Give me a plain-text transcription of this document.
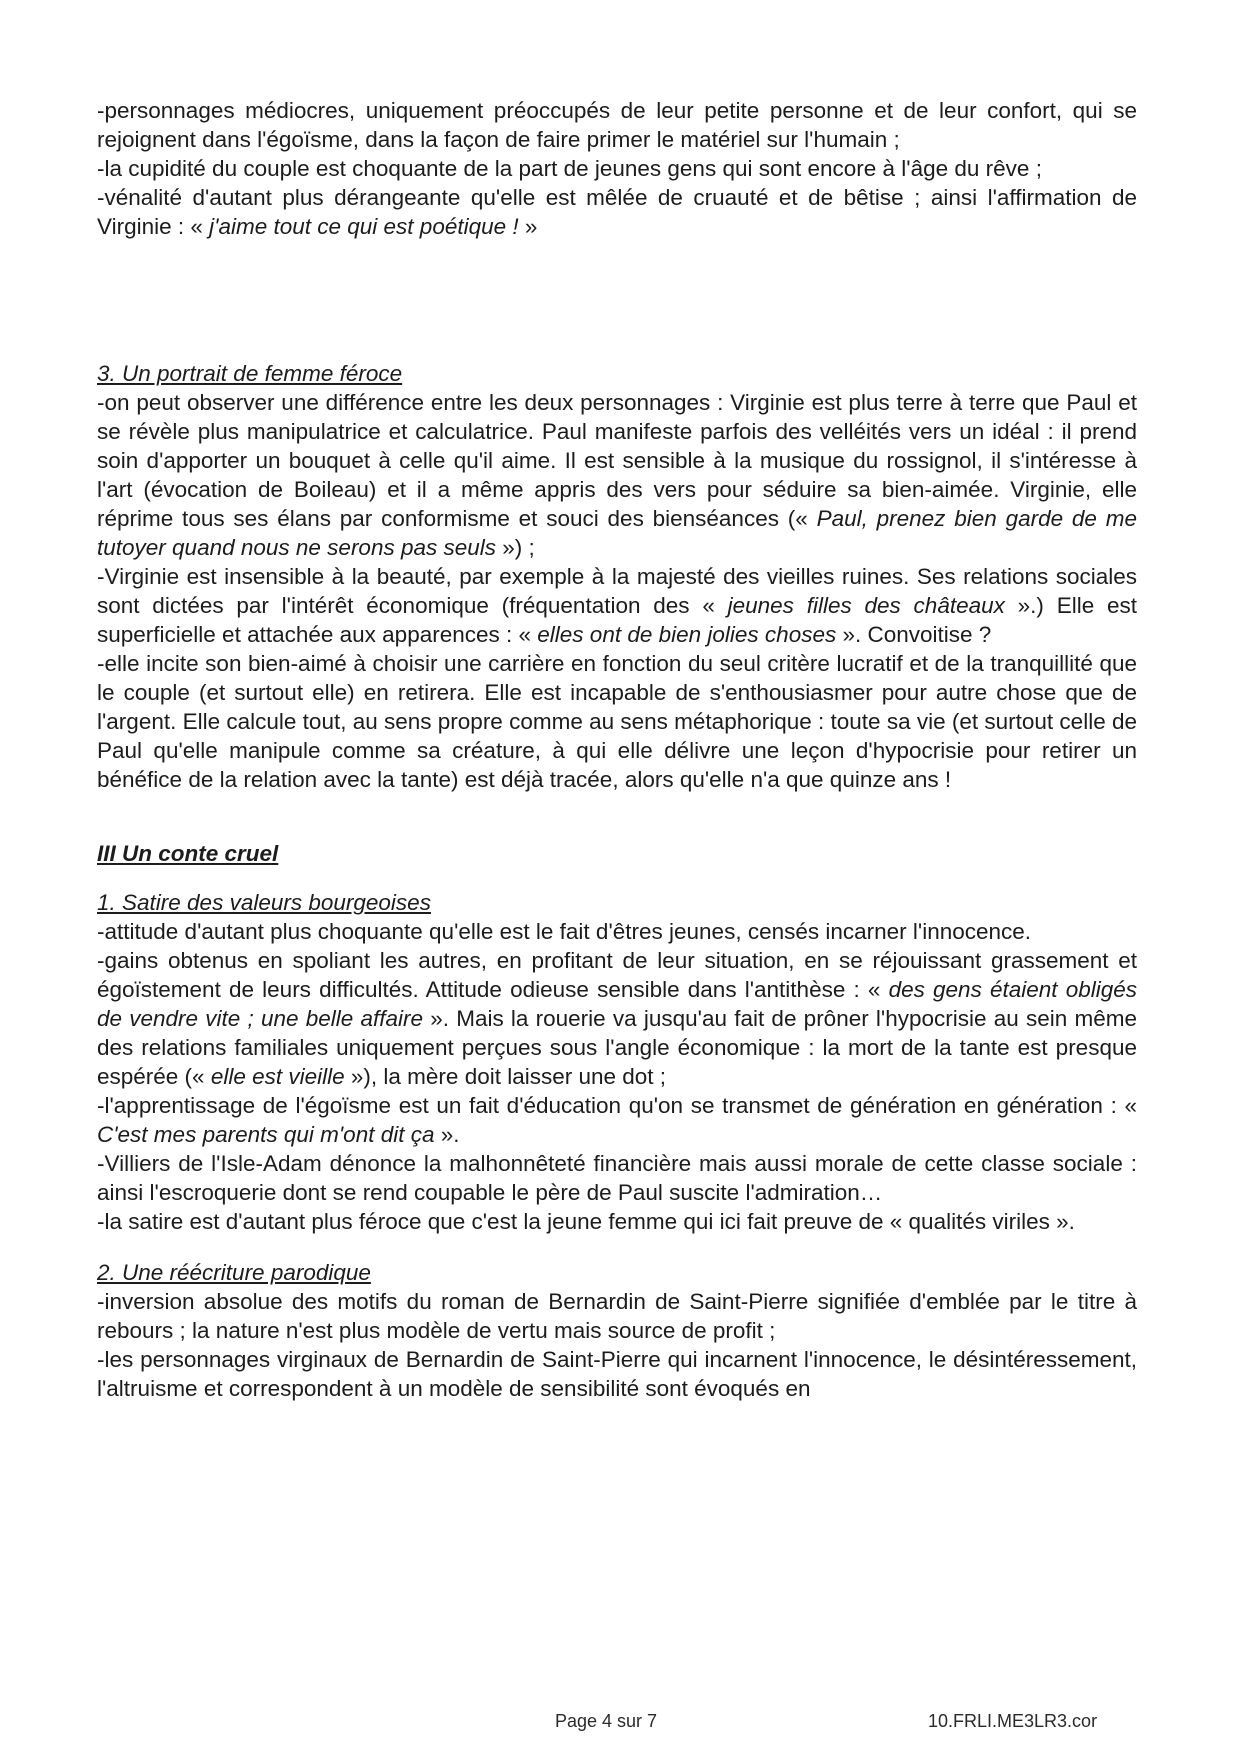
-personnages médiocres, uniquement préoccupés de leur petite personne et de leur confort, qui se rejoignent dans l'égoïsme, dans la façon de faire primer le matériel sur l'humain ;

-la cupidité du couple est choquante de la part de jeunes gens qui sont encore à l'âge du rêve ;

-vénalité d'autant plus dérangeante qu'elle est mêlée de cruauté et de bêtise ; ainsi l'affirmation de Virginie : « j'aime tout ce qui est poétique ! »

3. Un portrait de femme féroce

-on peut observer une différence entre les deux personnages : Virginie est plus terre à terre que Paul et se révèle plus manipulatrice et calculatrice. Paul manifeste parfois des velléités vers un idéal : il prend soin d'apporter un bouquet à celle qu'il aime. Il est sensible à la musique du rossignol, il s'intéresse à l'art (évocation de Boileau) et il a même appris des vers pour séduire sa bien-aimée. Virginie, elle réprime tous ses élans par conformisme et souci des bienséances (« Paul, prenez bien garde de me tutoyer quand nous ne serons pas seuls ») ;

-Virginie est insensible à la beauté, par exemple à la majesté des vieilles ruines. Ses relations sociales sont dictées par l'intérêt économique (fréquentation des « jeunes filles des châteaux ».) Elle est superficielle et attachée aux apparences : « elles ont de bien jolies choses ». Convoitise ?

-elle incite son bien-aimé à choisir une carrière en fonction du seul critère lucratif et de la tranquillité que le couple (et surtout elle) en retirera. Elle est incapable de s'enthousiasmer pour autre chose que de l'argent. Elle calcule tout, au sens propre comme au sens métaphorique : toute sa vie (et surtout celle de Paul qu'elle manipule comme sa créature, à qui elle délivre une leçon d'hypocrisie pour retirer un bénéfice de la relation avec la tante) est déjà tracée, alors qu'elle n'a que quinze ans !

III Un conte cruel

1. Satire des valeurs bourgeoises

-attitude d'autant plus choquante qu'elle est le fait d'êtres jeunes, censés incarner l'innocence.

-gains obtenus en spoliant les autres, en profitant de leur situation, en se réjouissant grassement et égoïstement de leurs difficultés. Attitude odieuse sensible dans l'antithèse : « des gens étaient obligés de vendre vite ; une belle affaire ». Mais la rouerie va jusqu'au fait de prôner l'hypocrisie au sein même des relations familiales uniquement perçues sous l'angle économique : la mort de la tante est presque espérée (« elle est vieille »), la mère doit laisser une dot ;

-l'apprentissage de l'égoïsme est un fait d'éducation qu'on se transmet de génération en génération : « C'est mes parents qui m'ont dit ça ».

-Villiers de l'Isle-Adam dénonce la malhonnêteté financière mais aussi morale de cette classe sociale : ainsi l'escroquerie dont se rend coupable le père de Paul suscite l'admiration…

-la satire est d'autant plus féroce que c'est la jeune femme qui ici fait preuve de « qualités viriles ».

2. Une réécriture parodique

-inversion absolue des motifs du roman de Bernardin de Saint-Pierre signifiée d'emblée par le titre à rebours ; la nature n'est plus modèle de vertu mais source de profit ;

-les personnages virginaux de Bernardin de Saint-Pierre qui incarnent l'innocence, le désintéressement, l'altruisme et correspondent à un modèle de sensibilité sont évoqués en

Page 4 sur 7	10.FRLI.ME3LR3.cor
